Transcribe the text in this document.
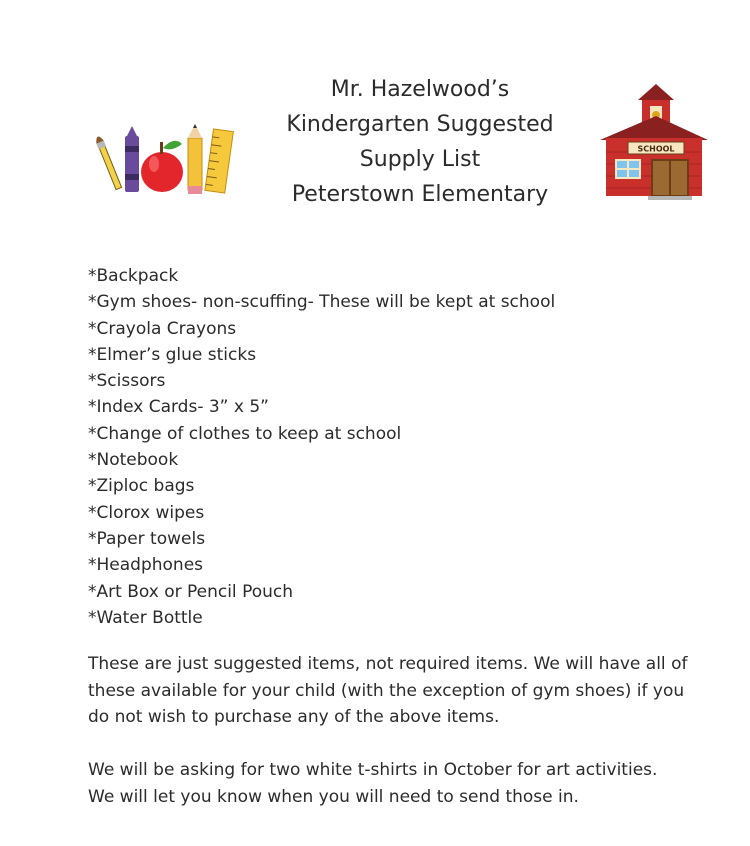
Mr. Hazelwood’s
Kindergarten Suggested
Supply List
Peterstown Elementary
SCHOOL
*Backpack
*Gym shoes- non-scuffing- These will be kept at school
*Crayola Crayons
*Elmer’s glue sticks
*Scissors
*Index Cards- 3” x 5”
*Change of clothes to keep at school
*Notebook
*Ziploc bags
*Clorox wipes
*Paper towels
*Headphones
*Art Box or Pencil Pouch
*Water Bottle

These are just suggested items, not required items. We will have all of these available for your child (with the exception of gym shoes) if you do not wish to purchase any of the above items.

We will be asking for two white t-shirts in October for art activities. We will let you know when you will need to send those in.
